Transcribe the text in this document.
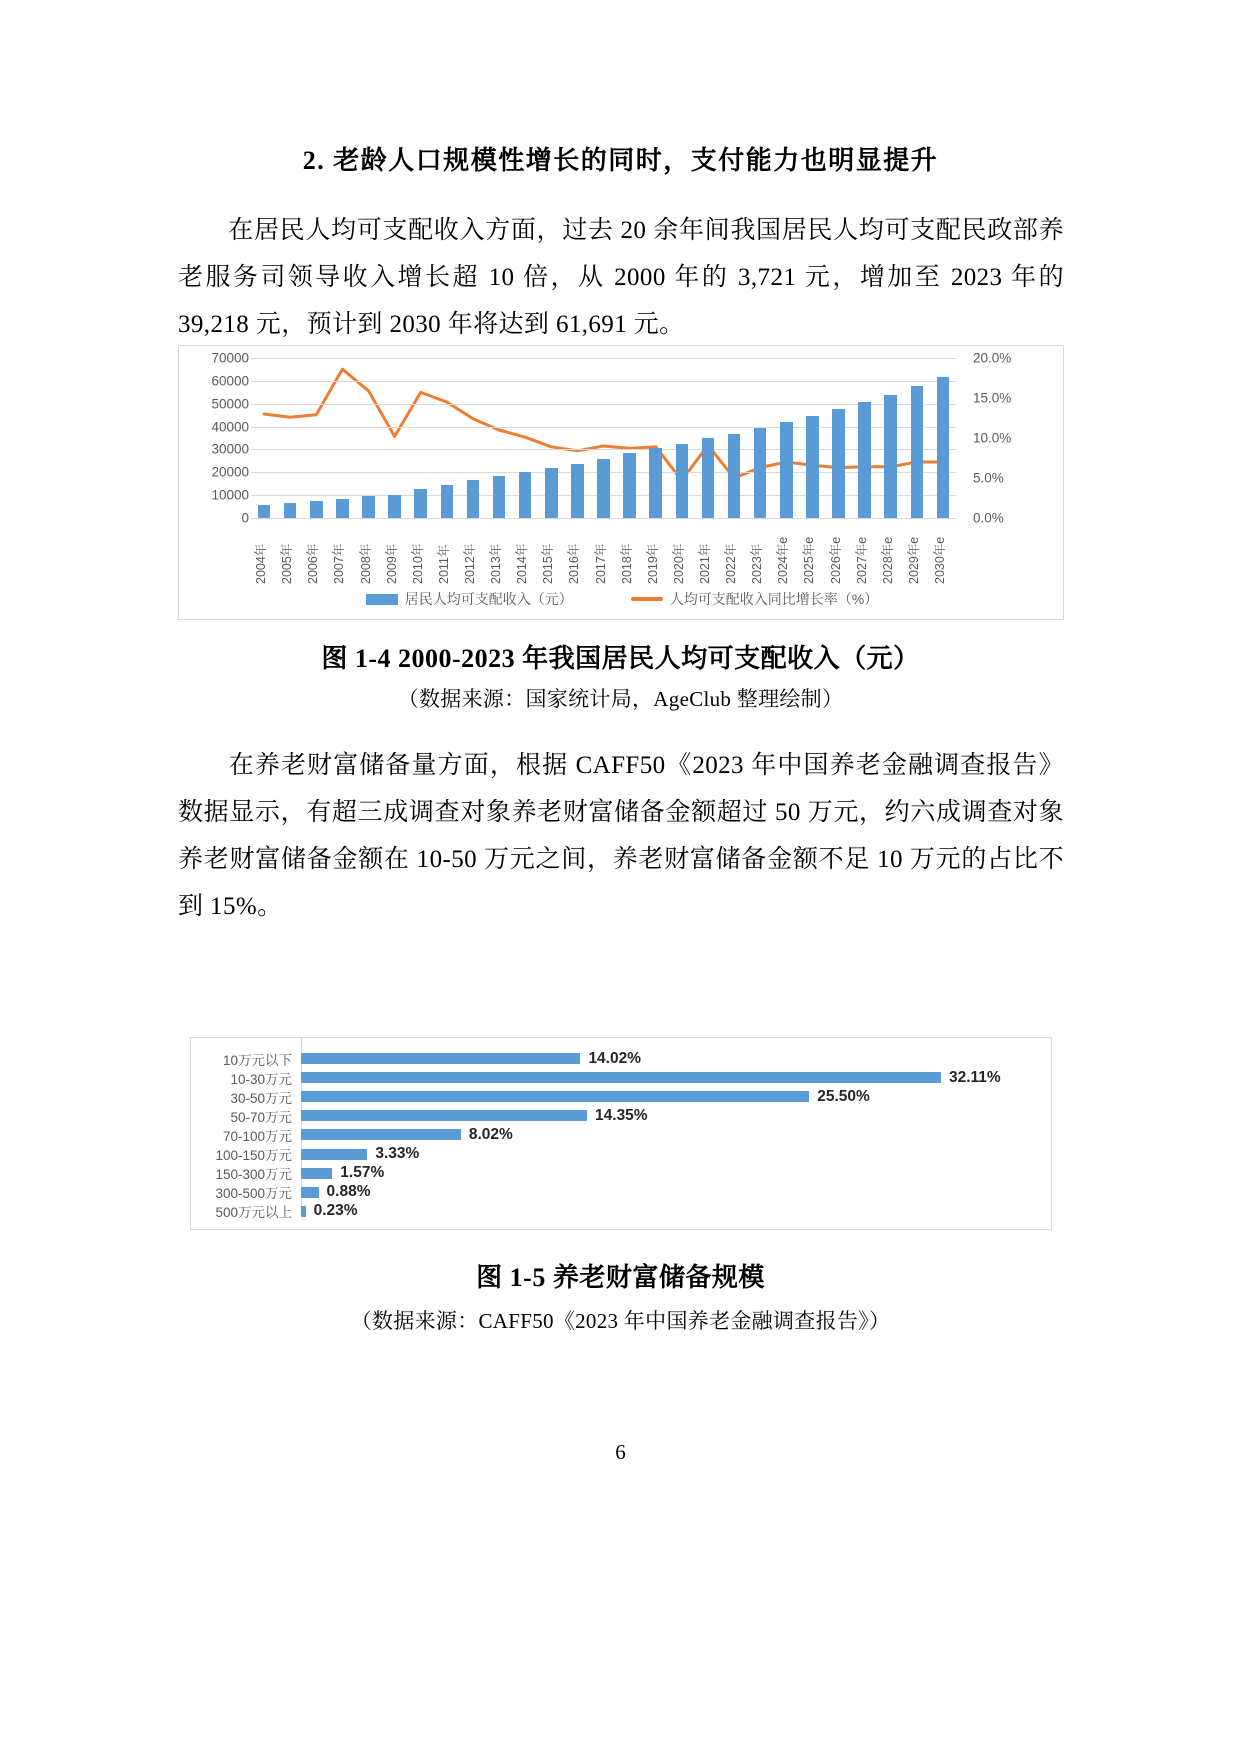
2. 老龄人口规模性增长的同时，支付能力也明显提升
在居民人均可支配收入方面，过去 20 余年间我国居民人均可支配民政部养老服务司领导收入增长超 10 倍，从 2000 年的 3,721 元，增加至 2023 年的 39,218 元，预计到 2030 年将达到 61,691 元。
0
10000
20000
30000
40000
50000
60000
70000
0.0%
5.0%
10.0%
15.0%
20.0%
2004年 2005年 2006年 2007年 2008年 2009年 2010年 2011年 2012年 2013年 2014年 2015年 2016年 2017年 2018年 2019年 2020年 2021年 2022年 2023年 2024年e 2025年e 2026年e 2027年e 2028年e 2029年e 2030年e
居民人均可支配收入（元）	人均可支配收入同比增长率（%）
图 1-4 2000-2023 年我国居民人均可支配收入（元）
（数据来源：国家统计局，AgeClub 整理绘制）
在养老财富储备量方面，根据 CAFF50《2023 年中国养老金融调查报告》数据显示，有超三成调查对象养老财富储备金额超过 50 万元，约六成调查对象养老财富储备金额在 10-50 万元之间，养老财富储备金额不足 10 万元的占比不到 15%。
10万元以下	14.02%
10-30万元	32.11%
30-50万元	25.50%
50-70万元	14.35%
70-100万元	8.02%
100-150万元	3.33%
150-300万元	1.57%
300-500万元	0.88%
500万元以上	0.23%
图 1-5 养老财富储备规模
（数据来源：CAFF50《2023 年中国养老金融调查报告》）
6
